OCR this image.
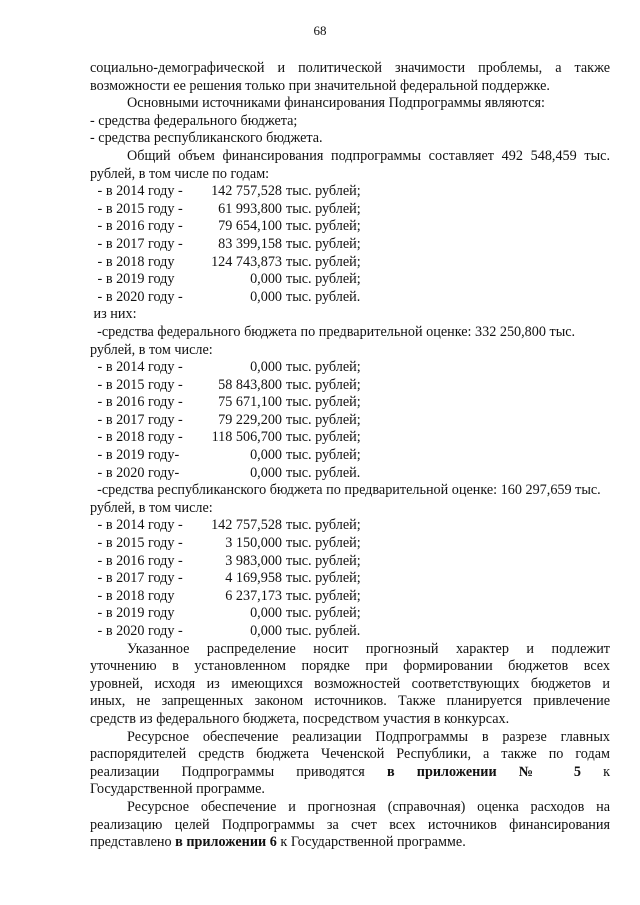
68

социально-демографической и политической значимости проблемы, а также

возможности ее решения только при значительной федеральной поддержке.

Основными источниками финансирования Подпрограммы являются:

- средства федерального бюджета;

- средства республиканского бюджета.

Общий объем финансирования подпрограммы составляет 492 548,459 тыс.

рублей, в том числе по годам:

- в 2014 году -	142 757,528 тыс. рублей;
- в 2015 году -	61 993,800 тыс. рублей;
- в 2016 году -	79 654,100 тыс. рублей;
- в 2017 году -	83 399,158 тыс. рублей;
- в 2018 году	124 743,873 тыс. рублей;
- в 2019 году	0,000 тыс. рублей;
- в 2020 году -	0,000 тыс. рублей.

из них:

-средства федерального бюджета по предварительной оценке: 332 250,800 тыс.

рублей, в том числе:

- в 2014 году -	0,000 тыс. рублей;
- в 2015 году -	58 843,800 тыс. рублей;
- в 2016 году -	75 671,100 тыс. рублей;
- в 2017 году -	79 229,200 тыс. рублей;
- в 2018 году -	118 506,700 тыс. рублей;
- в 2019 году-	0,000 тыс. рублей;
- в 2020 году-	0,000 тыс. рублей.

-средства республиканского бюджета по предварительной оценке: 160 297,659 тыс.

рублей, в том числе:

- в 2014 году -	142 757,528 тыс. рублей;
- в 2015 году -	3 150,000 тыс. рублей;
- в 2016 году -	3 983,000 тыс. рублей;
- в 2017 году -	4 169,958 тыс. рублей;
- в 2018 году	6 237,173 тыс. рублей;
- в 2019 году	0,000 тыс. рублей;
- в 2020 году -	0,000 тыс. рублей.

Указанное распределение носит прогнозный характер и подлежит

уточнению в установленном порядке при формировании бюджетов всех

уровней, исходя из имеющихся возможностей соответствующих бюджетов и

иных, не запрещенных законом источников. Также планируется привлечение

средств из федерального бюджета, посредством участия в конкурсах.

Ресурсное обеспечение реализации Подпрограммы в разрезе главных

распорядителей средств бюджета Чеченской Республики, а также по годам

реализации Подпрограммы приводятся в приложении № 5 к

Государственной программе.

Ресурсное обеспечение и прогнозная (справочная) оценка расходов на

реализацию целей Подпрограммы за счет всех источников финансирования

представлено в приложении 6 к Государственной программе.
